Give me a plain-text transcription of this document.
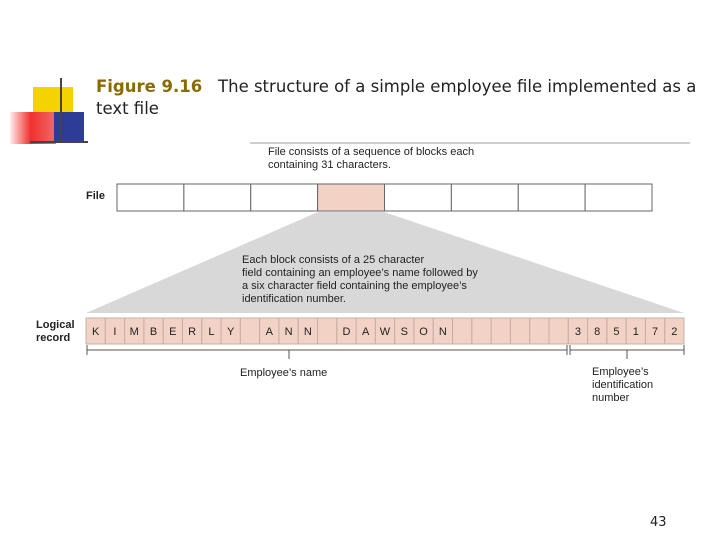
Figure 9.16 The structure of a simple employee file implemented as a text file
K I M B E R L Y	A N N	D A W S O N	3 8 5 1 7 2
File consists of a sequence of blocks each
containing 31 characters.
File
Each block consists of a 25 character
field containing an employee’s name followed by
a six character field containing the employee’s
identification number.
Logical
record
Employee’s name	Employee’s
identification
number
43
